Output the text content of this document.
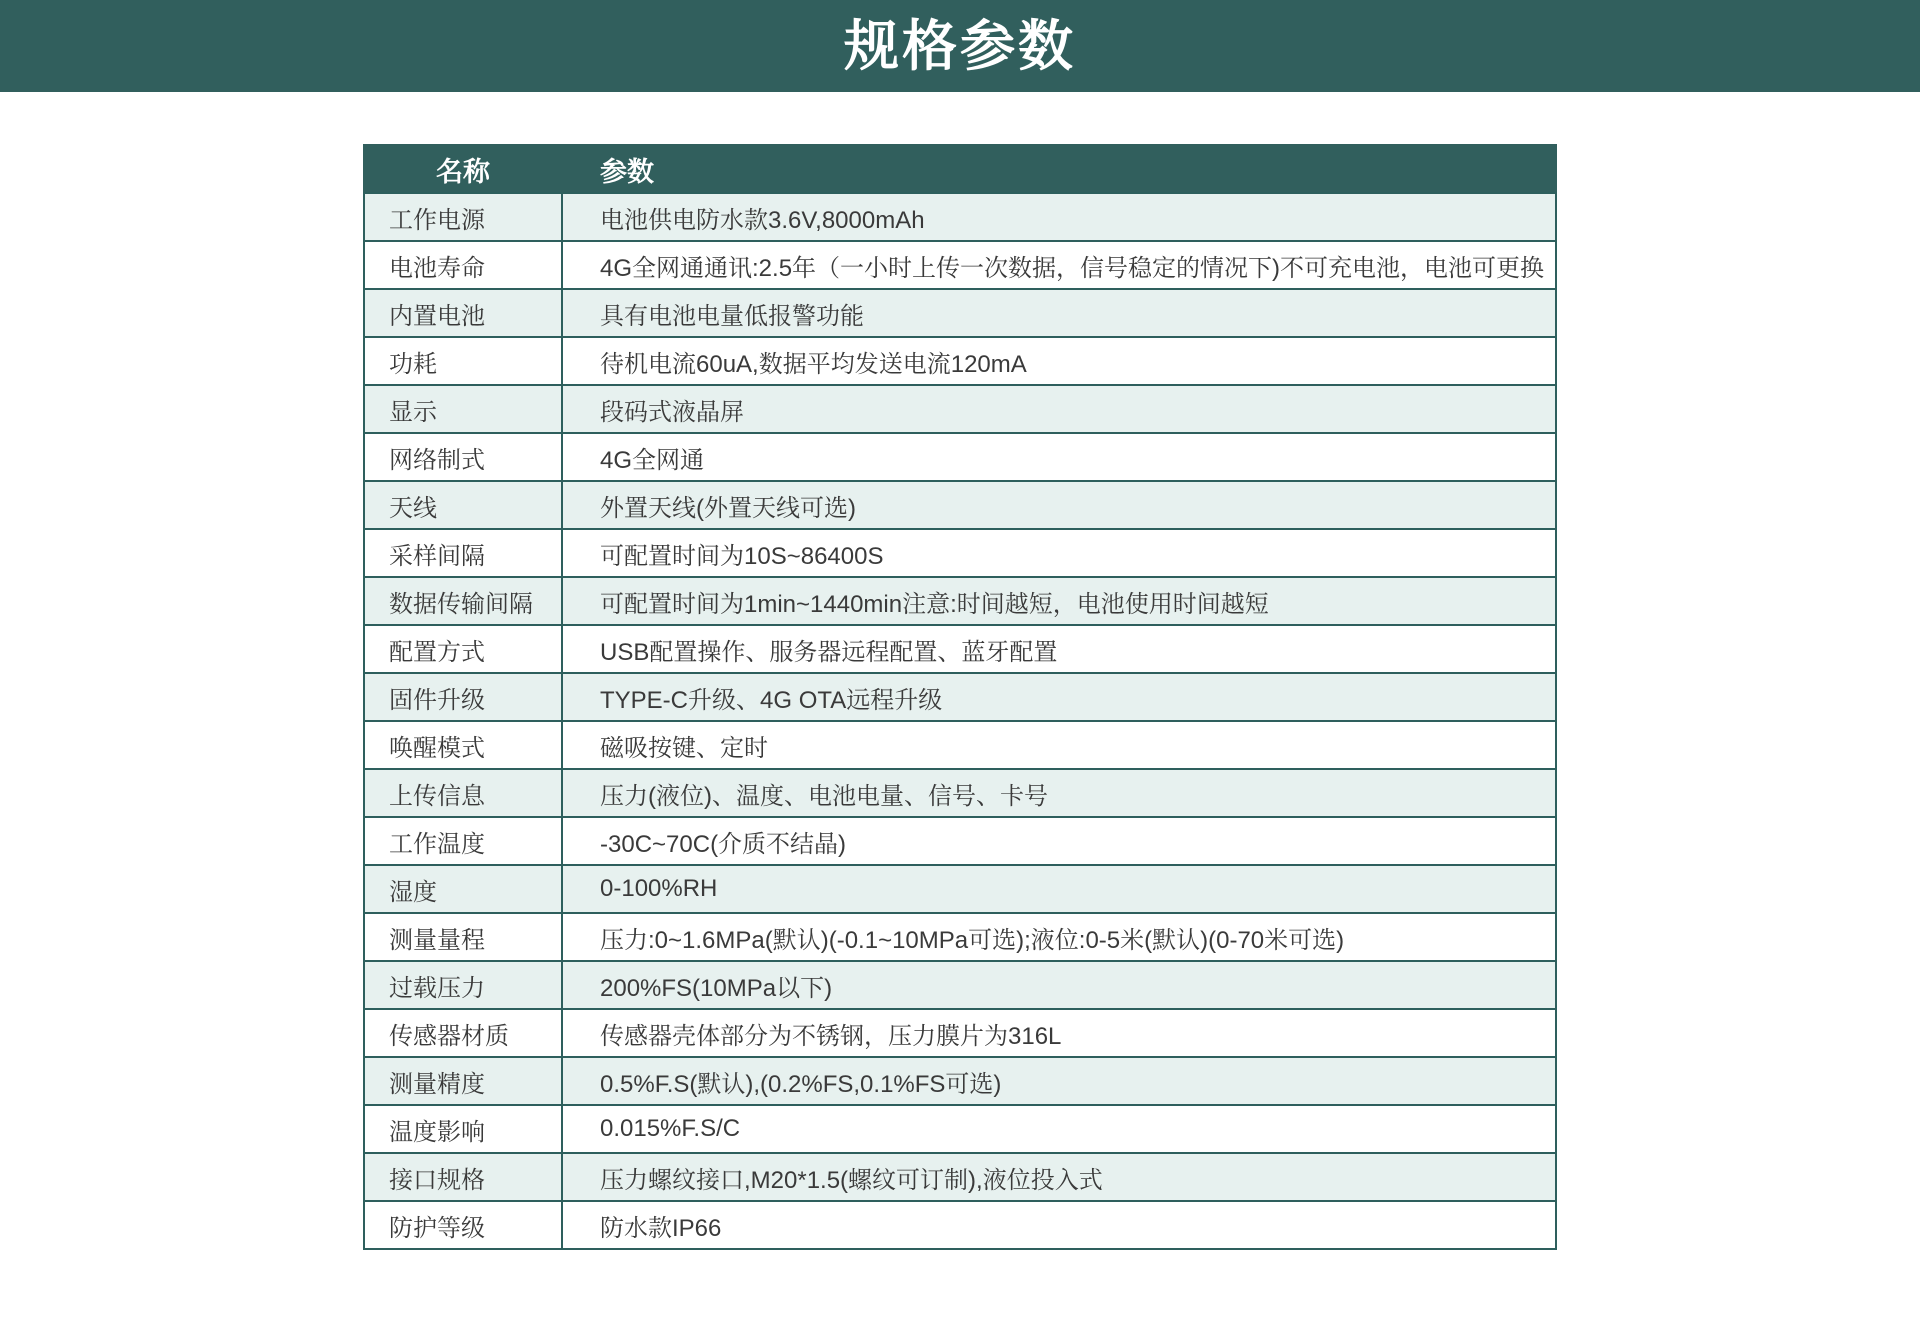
规格参数
名称	参数
工作电源	电池供电防水款3.6V,8000mAh
电池寿命	4G全网通通讯:2.5年（一小时上传一次数据，信号稳定的情况下)不可充电池，电池可更换
内置电池	具有电池电量低报警功能
功耗	待机电流60uA,数据平均发送电流120mA
显示	段码式液晶屏
网络制式	4G全网通
天线	外置天线(外置天线可选)
采样间隔	可配置时间为10S~86400S
数据传输间隔	可配置时间为1min~1440min注意:时间越短，电池使用时间越短
配置方式	USB配置操作、服务器远程配置、蓝牙配置
固件升级	TYPE-C升级、4G OTA远程升级
唤醒模式	磁吸按键、定时
上传信息	压力(液位)、温度、电池电量、信号、卡号
工作温度	-30C~70C(介质不结晶)
湿度	0-100%RH
测量量程	压力:0~1.6MPa(默认)(-0.1~10MPa可选);液位:0-5米(默认)(0-70米可选)
过载压力	200%FS(10MPa以下)
传感器材质	传感器壳体部分为不锈钢，压力膜片为316L
测量精度	0.5%F.S(默认),(0.2%FS,0.1%FS可选)
温度影响	0.015%F.S/C
接口规格	压力螺纹接口,M20*1.5(螺纹可订制),液位投入式
防护等级	防水款IP66
